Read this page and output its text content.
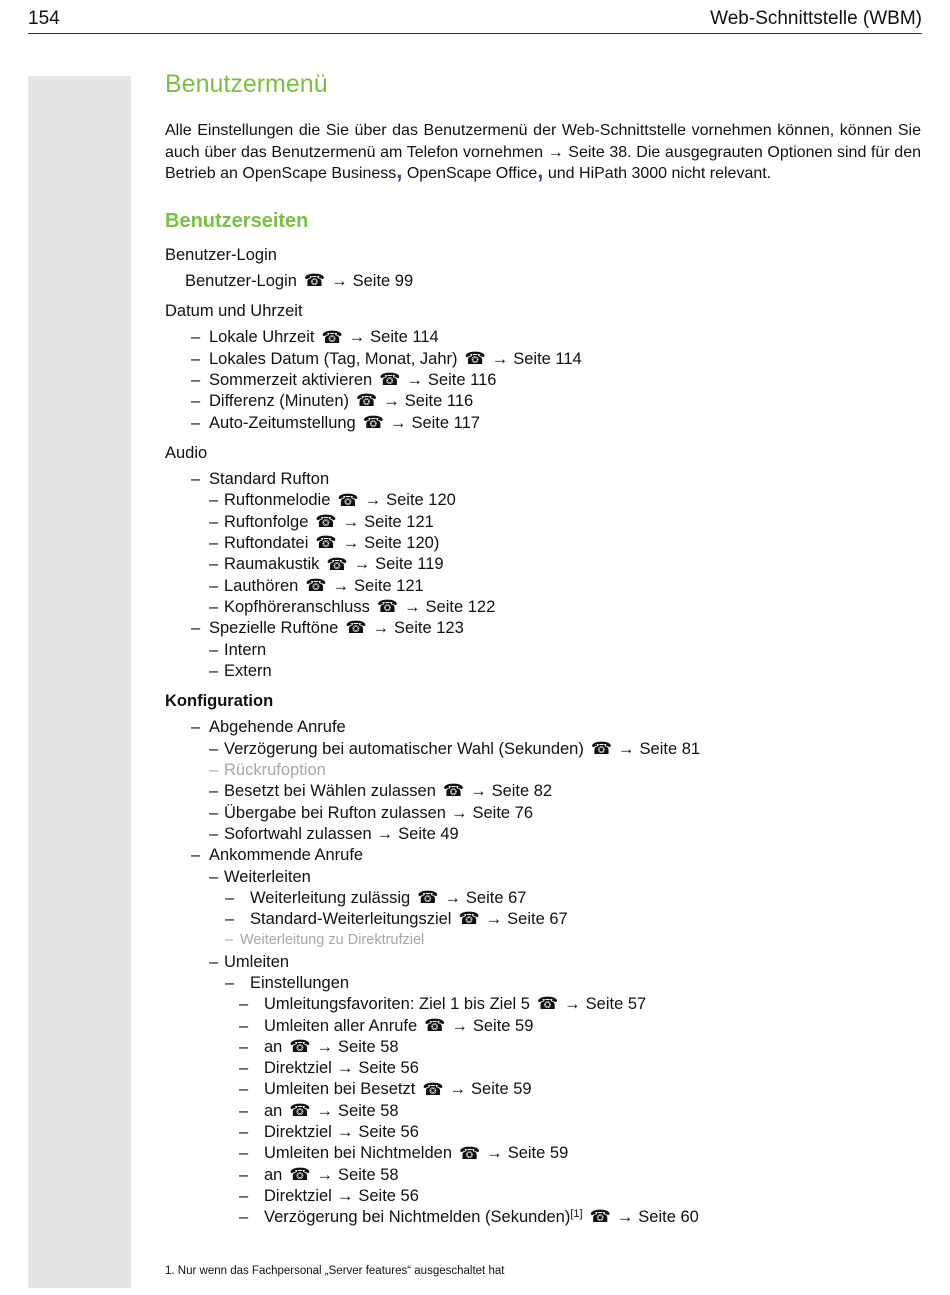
154	Web-Schnittstelle (WBM)
Benutzermenü

Alle Einstellungen die Sie über das Benutzermenü der Web-Schnittstelle vornehmen können, können Sie auch über das Benutzermenü am Telefon vornehmen → Seite 38. Die ausgegrauten Optionen sind für den Betrieb an OpenScape Business, OpenScape Office, und HiPath 3000 nicht relevant.

Benutzerseiten
Benutzer-Login
Benutzer-Login ☎ → Seite 99
Datum und Uhrzeit
– Lokale Uhrzeit ☎ → Seite 114
– Lokales Datum (Tag, Monat, Jahr) ☎ → Seite 114
– Sommerzeit aktivieren ☎ → Seite 116
– Differenz (Minuten) ☎ → Seite 116
– Auto-Zeitumstellung ☎ → Seite 117
Audio
– Standard Rufton
– Ruftonmelodie ☎ → Seite 120
– Ruftonfolge ☎ → Seite 121
– Ruftondatei ☎ → Seite 120)
– Raumakustik ☎ → Seite 119
– Lauthören ☎ → Seite 121
– Kopfhöreranschluss ☎ → Seite 122
– Spezielle Ruftöne ☎ → Seite 123
– Intern
– Extern
Konfiguration
– Abgehende Anrufe
– Verzögerung bei automatischer Wahl (Sekunden) ☎ → Seite 81
– Rückrufoption
– Besetzt bei Wählen zulassen ☎ → Seite 82
– Übergabe bei Rufton zulassen → Seite 76
– Sofortwahl zulassen → Seite 49
– Ankommende Anrufe
– Weiterleiten
– Weiterleitung zulässig ☎ → Seite 67
– Standard-Weiterleitungsziel ☎ → Seite 67
– Weiterleitung zu Direktrufziel
– Umleiten
– Einstellungen
– Umleitungsfavoriten: Ziel 1 bis Ziel 5 ☎ → Seite 57
– Umleiten aller Anrufe ☎ → Seite 59
– an ☎ → Seite 58
– Direktziel → Seite 56
– Umleiten bei Besetzt ☎ → Seite 59
– an ☎ → Seite 58
– Direktziel → Seite 56
– Umleiten bei Nichtmelden ☎ → Seite 59
– an ☎ → Seite 58
– Direktziel → Seite 56
– Verzögerung bei Nichtmelden (Sekunden)[1] ☎ → Seite 60
1. Nur wenn das Fachpersonal „Server features“ ausgeschaltet hat
